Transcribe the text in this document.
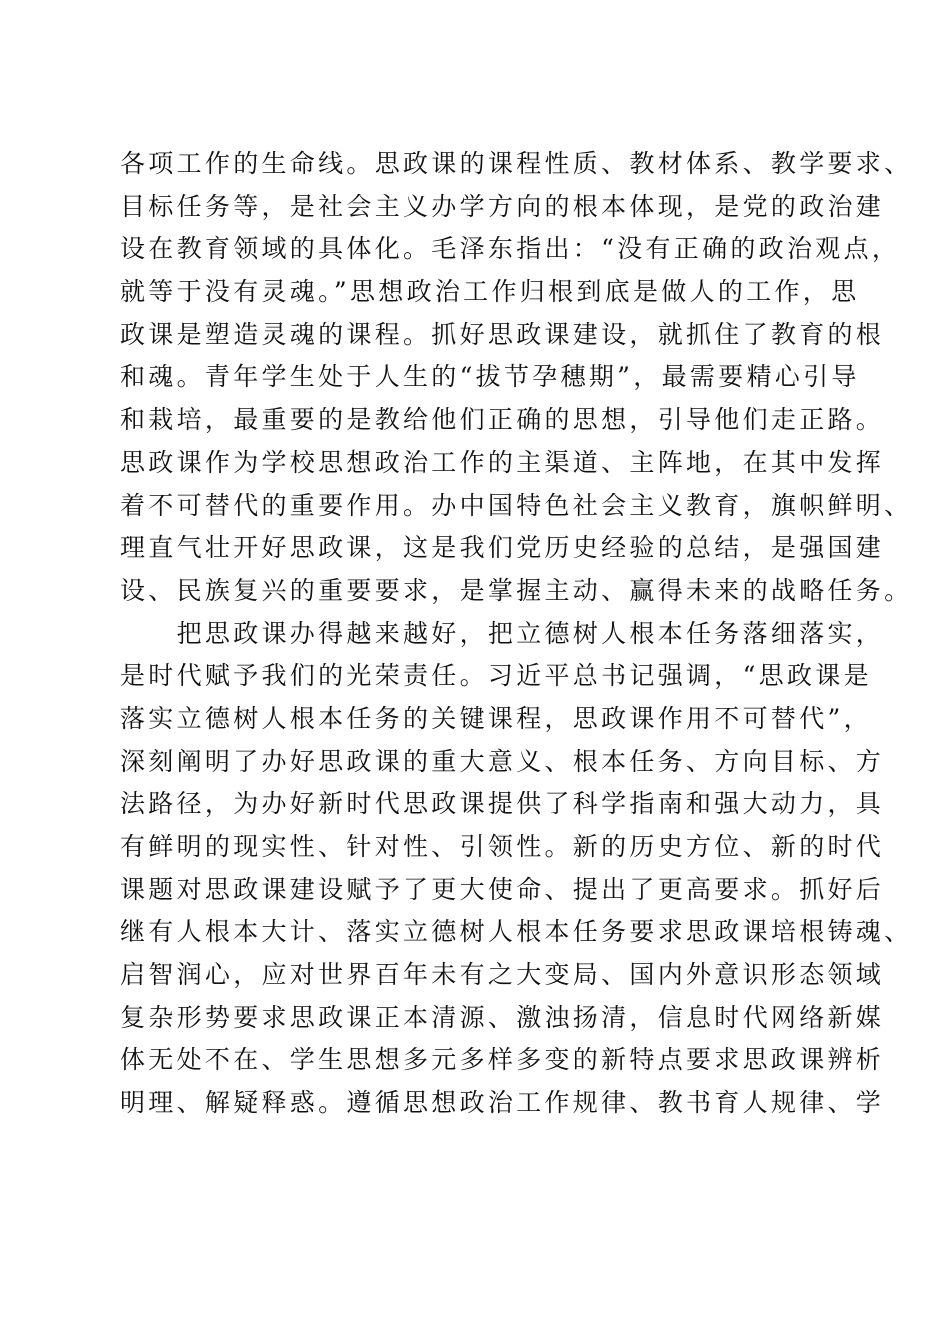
各项工作的生命线。思政课的课程性质、教材体系、教学要求、
目标任务等，是社会主义办学方向的根本体现，是党的政治建
设在教育领域的具体化。毛泽东指出：“没有正确的政治观点，
就等于没有灵魂。”思想政治工作归根到底是做人的工作，思
政课是塑造灵魂的课程。抓好思政课建设，就抓住了教育的根
和魂。青年学生处于人生的“拔节孕穗期”，最需要精心引导
和栽培，最重要的是教给他们正确的思想，引导他们走正路。
思政课作为学校思想政治工作的主渠道、主阵地，在其中发挥
着不可替代的重要作用。办中国特色社会主义教育，旗帜鲜明、
理直气壮开好思政课，这是我们党历史经验的总结，是强国建
设、民族复兴的重要要求，是掌握主动、赢得未来的战略任务。
　　把思政课办得越来越好，把立德树人根本任务落细落实，
是时代赋予我们的光荣责任。习近平总书记强调，“思政课是
落实立德树人根本任务的关键课程，思政课作用不可替代”，
深刻阐明了办好思政课的重大意义、根本任务、方向目标、方
法路径，为办好新时代思政课提供了科学指南和强大动力，具
有鲜明的现实性、针对性、引领性。新的历史方位、新的时代
课题对思政课建设赋予了更大使命、提出了更高要求。抓好后
继有人根本大计、落实立德树人根本任务要求思政课培根铸魂、
启智润心，应对世界百年未有之大变局、国内外意识形态领域
复杂形势要求思政课正本清源、激浊扬清，信息时代网络新媒
体无处不在、学生思想多元多样多变的新特点要求思政课辨析
明理、解疑释惑。遵循思想政治工作规律、教书育人规律、学
